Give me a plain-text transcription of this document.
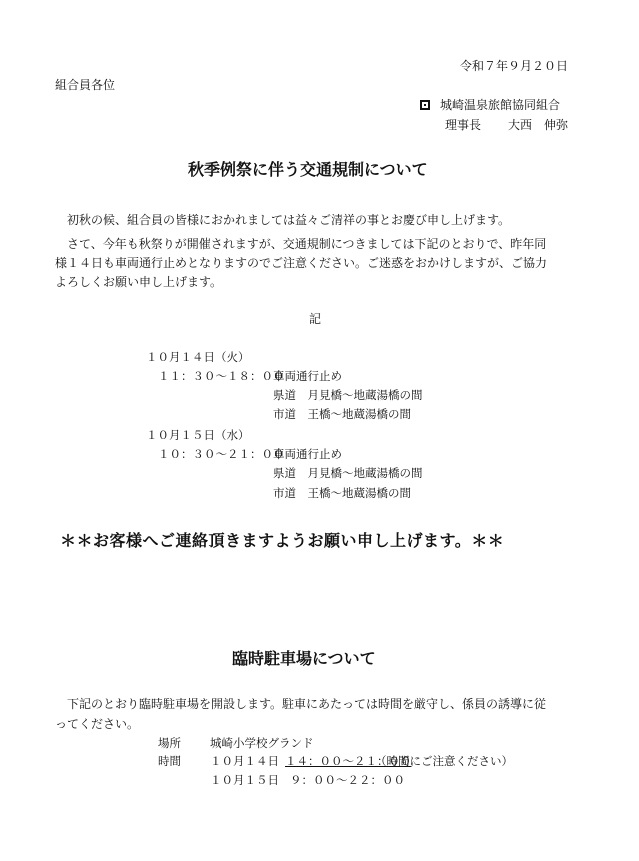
令和７年９月２０日
組合員各位
城崎温泉旅館協同組合
理事長 大西　伸弥
秋季例祭に伴う交通規制について
　初秋の候、組合員の皆様におかれましては益々ご清祥の事とお慶び申し上げます。
　さて、今年も秋祭りが開催されますが、交通規制につきましては下記のとおりで、昨年同
様１４日も車両通行止めとなりますのでご注意ください。ご迷惑をおかけしますが、ご協力
よろしくお願い申し上げます。
記
１０月１４日（火）
１１：３０～１８：００
車両通行止め
県道　月見橋～地蔵湯橋の間
市道　王橋～地蔵湯橋の間
１０月１５日（水）
１０：３０～２１：００
車両通行止め
県道　月見橋～地蔵湯橋の間
市道　王橋～地蔵湯橋の間
＊＊お客様へご連絡頂きますようお願い申し上げます。＊＊
臨時駐車場について
　下記のとおり臨時駐車場を開設します。駐車にあたっては時間を厳守し、係員の誘導に従
ってください。
場所	城崎小学校グランド
時間	１０月１４日 １４：００～２１：００
（時間にご注意ください）
１０月１５日 ９：００～２２：００
